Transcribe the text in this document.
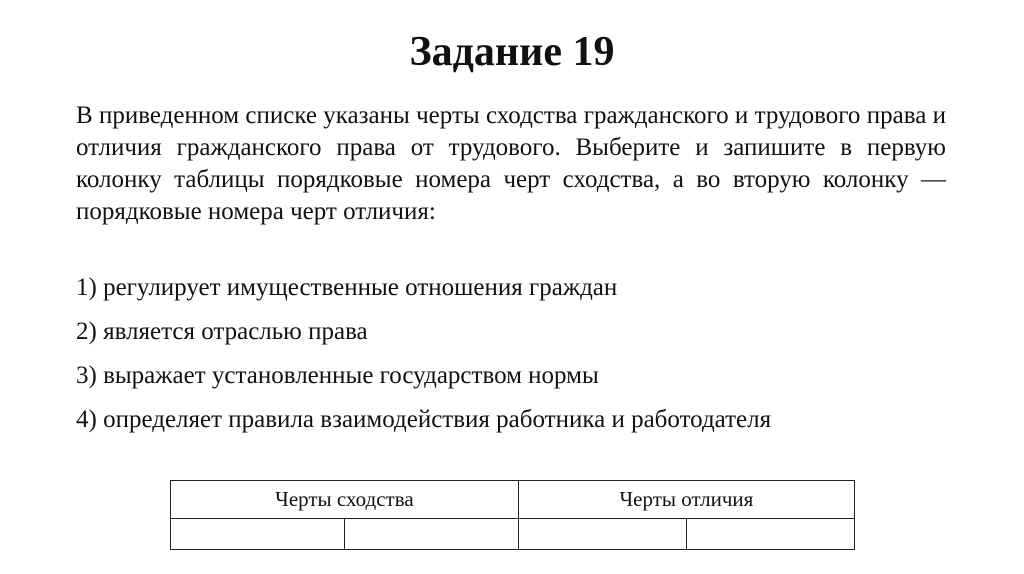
Задание 19

В приведенном списке указаны черты сходства гражданского и трудового права и отличия гражданского права от трудового. Выберите и запишите в первую колонку таблицы порядковые номера черт сходства, а во вторую колонку — порядковые номера черт отличия:

1) регулирует имущественные отношения граждан
2) является отраслью права
3) выражает установленные государством нормы
4) определяет правила взаимодействия работника и работодателя
Черты сходства		Черты отличия	
